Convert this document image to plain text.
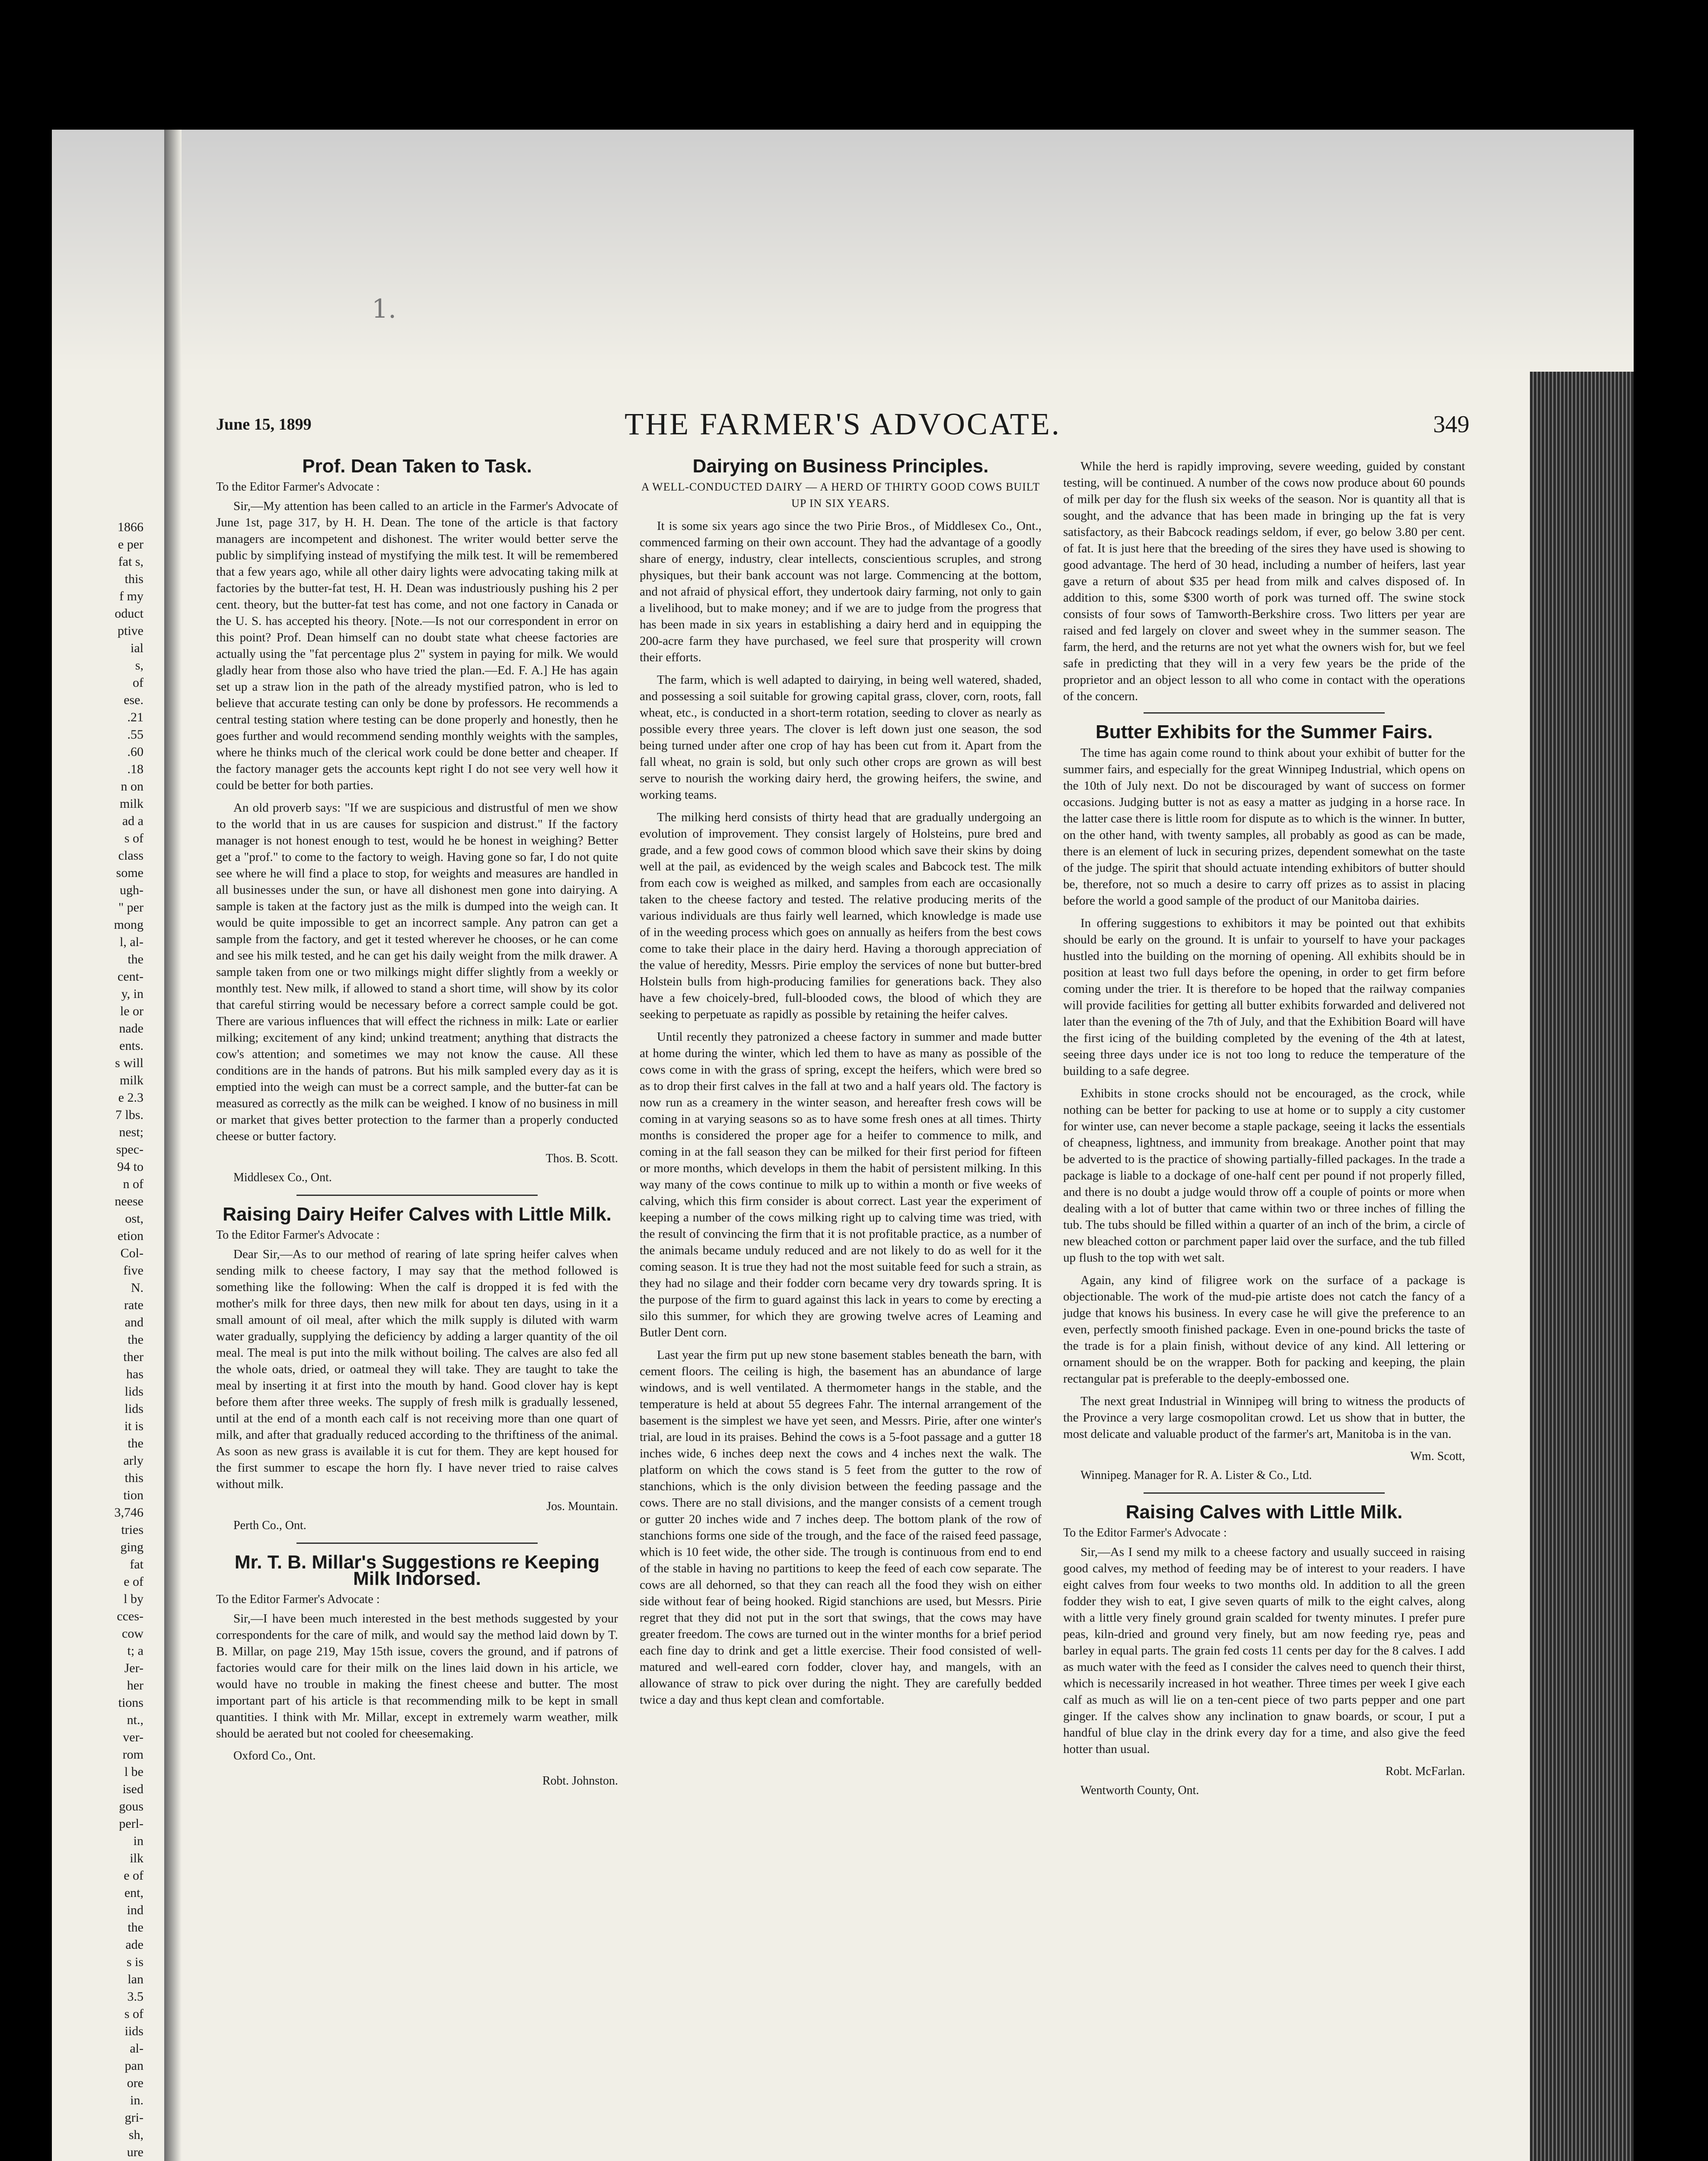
1.
1866
e per
fat s,
this
f my
oduct
ptive
ial
s,
of
ese.
.21
.55
.60
.18
n on
milk
ad a
s of
class
some
ugh-
" per
mong
l, al-
the
cent-
y, in
le or
nade
ents.
s will
milk
e 2.3
7 lbs.
nest;
spec-
94 to
n of
neese
ost,
etion
Col-
five
N.
rate
and
the
ther
has
lids
lids
it is
the
arly
this
tion
3,746
tries
ging
fat
e of
l by
cces-
cow
t; a
Jer-
her
tions
nt.,
ver-
rom
l be
ised
gous
perl-
in
ilk
e of
ent,
ind
the
ade
s is
lan
3.5
s of
iids
al-
pan
ore
in.
gri-
sh,
ure
June 15, 1899	THE FARMER'S ADVOCATE.	349
Prof. Dean Taken to Task.
To the Editor Farmer's Advocate :

Sir,—My attention has been called to an article in the Farmer's Advocate of June 1st, page 317, by H. H. Dean. The tone of the article is that factory managers are incompetent and dishonest. The writer would better serve the public by simplifying instead of mystifying the milk test. It will be remembered that a few years ago, while all other dairy lights were advocating taking milk at factories by the butter-fat test, H. H. Dean was industriously pushing his 2 per cent. theory, but the butter-fat test has come, and not one factory in Canada or the U. S. has accepted his theory. [Note.—Is not our correspondent in error on this point? Prof. Dean himself can no doubt state what cheese factories are actually using the "fat percentage plus 2" system in paying for milk. We would gladly hear from those also who have tried the plan.—Ed. F. A.] He has again set up a straw lion in the path of the already mystified patron, who is led to believe that accurate testing can only be done by professors. He recommends a central testing station where testing can be done properly and honestly, then he goes further and would recommend sending monthly weights with the samples, where he thinks much of the clerical work could be done better and cheaper. If the factory manager gets the accounts kept right I do not see very well how it could be better for both parties.

An old proverb says: "If we are suspicious and distrustful of men we show to the world that in us are causes for suspicion and distrust." If the factory manager is not honest enough to test, would he be honest in weighing? Better get a "prof." to come to the factory to weigh. Having gone so far, I do not quite see where he will find a place to stop, for weights and measures are handled in all businesses under the sun, or have all dishonest men gone into dairying. A sample is taken at the factory just as the milk is dumped into the weigh can. It would be quite impossible to get an incorrect sample. Any patron can get a sample from the factory, and get it tested wherever he chooses, or he can come and see his milk tested, and he can get his daily weight from the milk drawer. A sample taken from one or two milkings might differ slightly from a weekly or monthly test. New milk, if allowed to stand a short time, will show by its color that careful stirring would be necessary before a correct sample could be got. There are various influences that will effect the richness in milk: Late or earlier milking; excitement of any kind; unkind treatment; anything that distracts the cow's attention; and sometimes we may not know the cause. All these conditions are in the hands of patrons. But his milk sampled every day as it is emptied into the weigh can must be a correct sample, and the butter-fat can be measured as correctly as the milk can be weighed. I know of no business in mill or market that gives better protection to the farmer than a properly conducted cheese or butter factory.

Thos. B. Scott.
Middlesex Co., Ont.
Raising Dairy Heifer Calves with Little Milk.
To the Editor Farmer's Advocate :

Dear Sir,—As to our method of rearing of late spring heifer calves when sending milk to cheese factory, I may say that the method followed is something like the following: When the calf is dropped it is fed with the mother's milk for three days, then new milk for about ten days, using in it a small amount of oil meal, after which the milk supply is diluted with warm water gradually, supplying the deficiency by adding a larger quantity of the oil meal. The meal is put into the milk without boiling. The calves are also fed all the whole oats, dried, or oatmeal they will take. They are taught to take the meal by inserting it at first into the mouth by hand. Good clover hay is kept before them after three weeks. The supply of fresh milk is gradually lessened, until at the end of a month each calf is not receiving more than one quart of milk, and after that gradually reduced according to the thriftiness of the animal. As soon as new grass is available it is cut for them. They are kept housed for the first summer to escape the horn fly. I have never tried to raise calves without milk.

Jos. Mountain.
Perth Co., Ont.
Mr. T. B. Millar's Suggestions re Keeping Milk Indorsed.
To the Editor Farmer's Advocate :

Sir,—I have been much interested in the best methods suggested by your correspondents for the care of milk, and would say the method laid down by T. B. Millar, on page 219, May 15th issue, covers the ground, and if patrons of factories would care for their milk on the lines laid down in his article, we would have no trouble in making the finest cheese and butter. The most important part of his article is that recommending milk to be kept in small quantities. I think with Mr. Millar, except in extremely warm weather, milk should be aerated but not cooled for cheesemaking.

Oxford Co., Ont.
Robt. Johnston.
Dairying on Business Principles.
A WELL-CONDUCTED DAIRY — A HERD OF THIRTY GOOD COWS BUILT UP IN SIX YEARS.

It is some six years ago since the two Pirie Bros., of Middlesex Co., Ont., commenced farming on their own account. They had the advantage of a goodly share of energy, industry, clear intellects, conscientious scruples, and strong physiques, but their bank account was not large. Commencing at the bottom, and not afraid of physical effort, they undertook dairy farming, not only to gain a livelihood, but to make money; and if we are to judge from the progress that has been made in six years in establishing a dairy herd and in equipping the 200-acre farm they have purchased, we feel sure that prosperity will crown their efforts.

The farm, which is well adapted to dairying, in being well watered, shaded, and possessing a soil suitable for growing capital grass, clover, corn, roots, fall wheat, etc., is conducted in a short-term rotation, seeding to clover as nearly as possible every three years. The clover is left down just one season, the sod being turned under after one crop of hay has been cut from it. Apart from the fall wheat, no grain is sold, but only such other crops are grown as will best serve to nourish the working dairy herd, the growing heifers, the swine, and working teams.

The milking herd consists of thirty head that are gradually undergoing an evolution of improvement. They consist largely of Holsteins, pure bred and grade, and a few good cows of common blood which save their skins by doing well at the pail, as evidenced by the weigh scales and Babcock test. The milk from each cow is weighed as milked, and samples from each are occasionally taken to the cheese factory and tested. The relative producing merits of the various individuals are thus fairly well learned, which knowledge is made use of in the weeding process which goes on annually as heifers from the best cows come to take their place in the dairy herd. Having a thorough appreciation of the value of heredity, Messrs. Pirie employ the services of none but butter-bred Holstein bulls from high-producing families for generations back. They also have a few choicely-bred, full-blooded cows, the blood of which they are seeking to perpetuate as rapidly as possible by retaining the heifer calves.

Until recently they patronized a cheese factory in summer and made butter at home during the winter, which led them to have as many as possible of the cows come in with the grass of spring, except the heifers, which were bred so as to drop their first calves in the fall at two and a half years old. The factory is now run as a creamery in the winter season, and hereafter fresh cows will be coming in at varying seasons so as to have some fresh ones at all times. Thirty months is considered the proper age for a heifer to commence to milk, and coming in at the fall season they can be milked for their first period for fifteen or more months, which develops in them the habit of persistent milking. In this way many of the cows continue to milk up to within a month or five weeks of calving, which this firm consider is about correct. Last year the experiment of keeping a number of the cows milking right up to calving time was tried, with the result of convincing the firm that it is not profitable practice, as a number of the animals became unduly reduced and are not likely to do as well for it the coming season. It is true they had not the most suitable feed for such a strain, as they had no silage and their fodder corn became very dry towards spring. It is the purpose of the firm to guard against this lack in years to come by erecting a silo this summer, for which they are growing twelve acres of Leaming and Butler Dent corn.

Last year the firm put up new stone basement stables beneath the barn, with cement floors. The ceiling is high, the basement has an abundance of large windows, and is well ventilated. A thermometer hangs in the stable, and the temperature is held at about 55 degrees Fahr. The internal arrangement of the basement is the simplest we have yet seen, and Messrs. Pirie, after one winter's trial, are loud in its praises. Behind the cows is a 5-foot passage and a gutter 18 inches wide, 6 inches deep next the cows and 4 inches next the walk. The platform on which the cows stand is 5 feet from the gutter to the row of stanchions, which is the only division between the feeding passage and the cows. There are no stall divisions, and the manger consists of a cement trough or gutter 20 inches wide and 7 inches deep. The bottom plank of the row of stanchions forms one side of the trough, and the face of the raised feed passage, which is 10 feet wide, the other side. The trough is continuous from end to end of the stable in having no partitions to keep the feed of each cow separate. The cows are all dehorned, so that they can reach all the food they wish on either side without fear of being hooked. Rigid stanchions are used, but Messrs. Pirie regret that they did not put in the sort that swings, that the cows may have greater freedom. The cows are turned out in the winter months for a brief period each fine day to drink and get a little exercise. Their food consisted of well-matured and well-eared corn fodder, clover hay, and mangels, with an allowance of straw to pick over during the night. They are carefully bedded twice a day and thus kept clean and comfortable.

While the herd is rapidly improving, severe weeding, guided by constant testing, will be continued. A number of the cows now produce about 60 pounds of milk per day for the flush six weeks of the season. Nor is quantity all that is sought, and the advance that has been made in bringing up the fat is very satisfactory, as their Babcock readings seldom, if ever, go below 3.80 per cent. of fat. It is just here that the breeding of the sires they have used is showing to good advantage. The herd of 30 head, including a number of heifers, last year gave a return of about $35 per head from milk and calves disposed of. In addition to this, some $300 worth of pork was turned off. The swine stock consists of four sows of Tamworth-Berkshire cross. Two litters per year are raised and fed largely on clover and sweet whey in the summer season. The farm, the herd, and the returns are not yet what the owners wish for, but we feel safe in predicting that they will in a very few years be the pride of the proprietor and an object lesson to all who come in contact with the operations of the concern.

Butter Exhibits for the Summer Fairs.

The time has again come round to think about your exhibit of butter for the summer fairs, and especially for the great Winnipeg Industrial, which opens on the 10th of July next. Do not be discouraged by want of success on former occasions. Judging butter is not as easy a matter as judging in a horse race. In the latter case there is little room for dispute as to which is the winner. In butter, on the other hand, with twenty samples, all probably as good as can be made, there is an element of luck in securing prizes, dependent somewhat on the taste of the judge. The spirit that should actuate intending exhibitors of butter should be, therefore, not so much a desire to carry off prizes as to assist in placing before the world a good sample of the product of our Manitoba dairies.

In offering suggestions to exhibitors it may be pointed out that exhibits should be early on the ground. It is unfair to yourself to have your packages hustled into the building on the morning of opening. All exhibits should be in position at least two full days before the opening, in order to get firm before coming under the trier. It is therefore to be hoped that the railway companies will provide facilities for getting all butter exhibits forwarded and delivered not later than the evening of the 7th of July, and that the Exhibition Board will have the first icing of the building completed by the evening of the 4th at latest, seeing three days under ice is not too long to reduce the temperature of the building to a safe degree.

Exhibits in stone crocks should not be encouraged, as the crock, while nothing can be better for packing to use at home or to supply a city customer for winter use, can never become a staple package, seeing it lacks the essentials of cheapness, lightness, and immunity from breakage. Another point that may be adverted to is the practice of showing partially-filled packages. In the trade a package is liable to a dockage of one-half cent per pound if not properly filled, and there is no doubt a judge would throw off a couple of points or more when dealing with a lot of butter that came within two or three inches of filling the tub. The tubs should be filled within a quarter of an inch of the brim, a circle of new bleached cotton or parchment paper laid over the surface, and the tub filled up flush to the top with wet salt.

Again, any kind of filigree work on the surface of a package is objectionable. The work of the mud-pie artiste does not catch the fancy of a judge that knows his business. In every case he will give the preference to an even, perfectly smooth finished package. Even in one-pound bricks the taste of the trade is for a plain finish, without device of any kind. All lettering or ornament should be on the wrapper. Both for packing and keeping, the plain rectangular pat is preferable to the deeply-embossed one.

The next great Industrial in Winnipeg will bring to witness the products of the Province a very large cosmopolitan crowd. Let us show that in butter, the most delicate and valuable product of the farmer's art, Manitoba is in the van.

Wm. Scott,
Winnipeg. Manager for R. A. Lister & Co., Ltd.
Raising Calves with Little Milk.
To the Editor Farmer's Advocate :

Sir,—As I send my milk to a cheese factory and usually succeed in raising good calves, my method of feeding may be of interest to your readers. I have eight calves from four weeks to two months old. In addition to all the green fodder they wish to eat, I give seven quarts of milk to the eight calves, along with a little very finely ground grain scalded for twenty minutes. I prefer pure peas, kiln-dried and ground very finely, but am now feeding rye, peas and barley in equal parts. The grain fed costs 11 cents per day for the 8 calves. I add as much water with the feed as I consider the calves need to quench their thirst, which is necessarily increased in hot weather. Three times per week I give each calf as much as will lie on a ten-cent piece of two parts pepper and one part ginger. If the calves show any inclination to gnaw boards, or scour, I put a handful of blue clay in the drink every day for a time, and also give the feed hotter than usual.

Robt. McFarlan.
Wentworth County, Ont.
